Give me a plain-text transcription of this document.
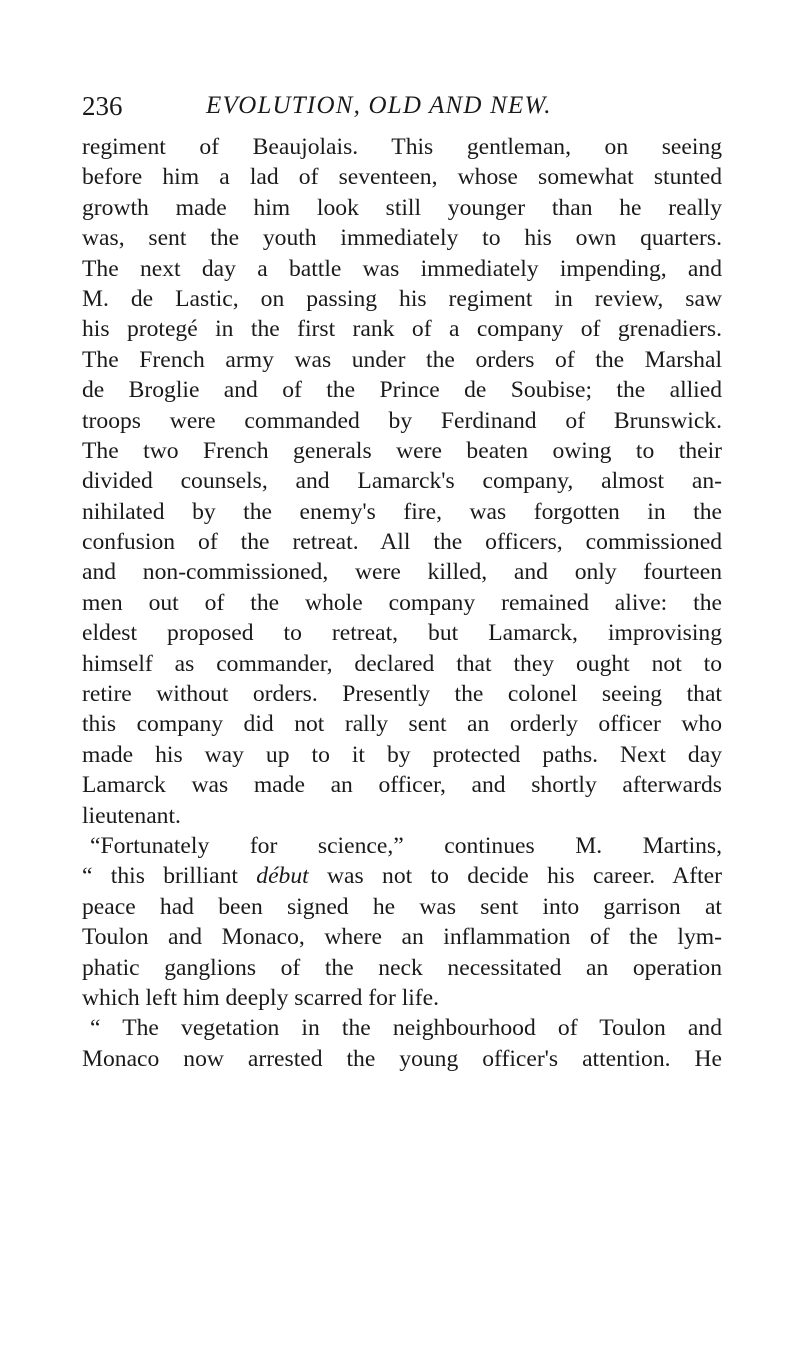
236	EVOLUTION, OLD AND NEW.
regiment of Beaujolais. This gentleman, on seeing
before him a lad of seventeen, whose somewhat stunted
growth made him look still younger than he really
was, sent the youth immediately to his own quarters.
The next day a battle was immediately impending, and
M. de Lastic, on passing his regiment in review, saw
his protegé in the first rank of a company of grenadiers.
The French army was under the orders of the Marshal
de Broglie and of the Prince de Soubise; the allied
troops were commanded by Ferdinand of Brunswick.
The two French generals were beaten owing to their
divided counsels, and Lamarck's company, almost an-
nihilated by the enemy's fire, was forgotten in the
confusion of the retreat. All the officers, commissioned
and non-commissioned, were killed, and only fourteen
men out of the whole company remained alive: the
eldest proposed to retreat, but Lamarck, improvising
himself as commander, declared that they ought not to
retire without orders. Presently the colonel seeing that
this company did not rally sent an orderly officer who
made his way up to it by protected paths. Next day
Lamarck was made an officer, and shortly afterwards
lieutenant.
“Fortunately for science,” continues M. Martins,
“ this brilliant début was not to decide his career. After
peace had been signed he was sent into garrison at
Toulon and Monaco, where an inflammation of the lym-
phatic ganglions of the neck necessitated an operation
which left him deeply scarred for life.
“ The vegetation in the neighbourhood of Toulon and
Monaco now arrested the young officer's attention. He
